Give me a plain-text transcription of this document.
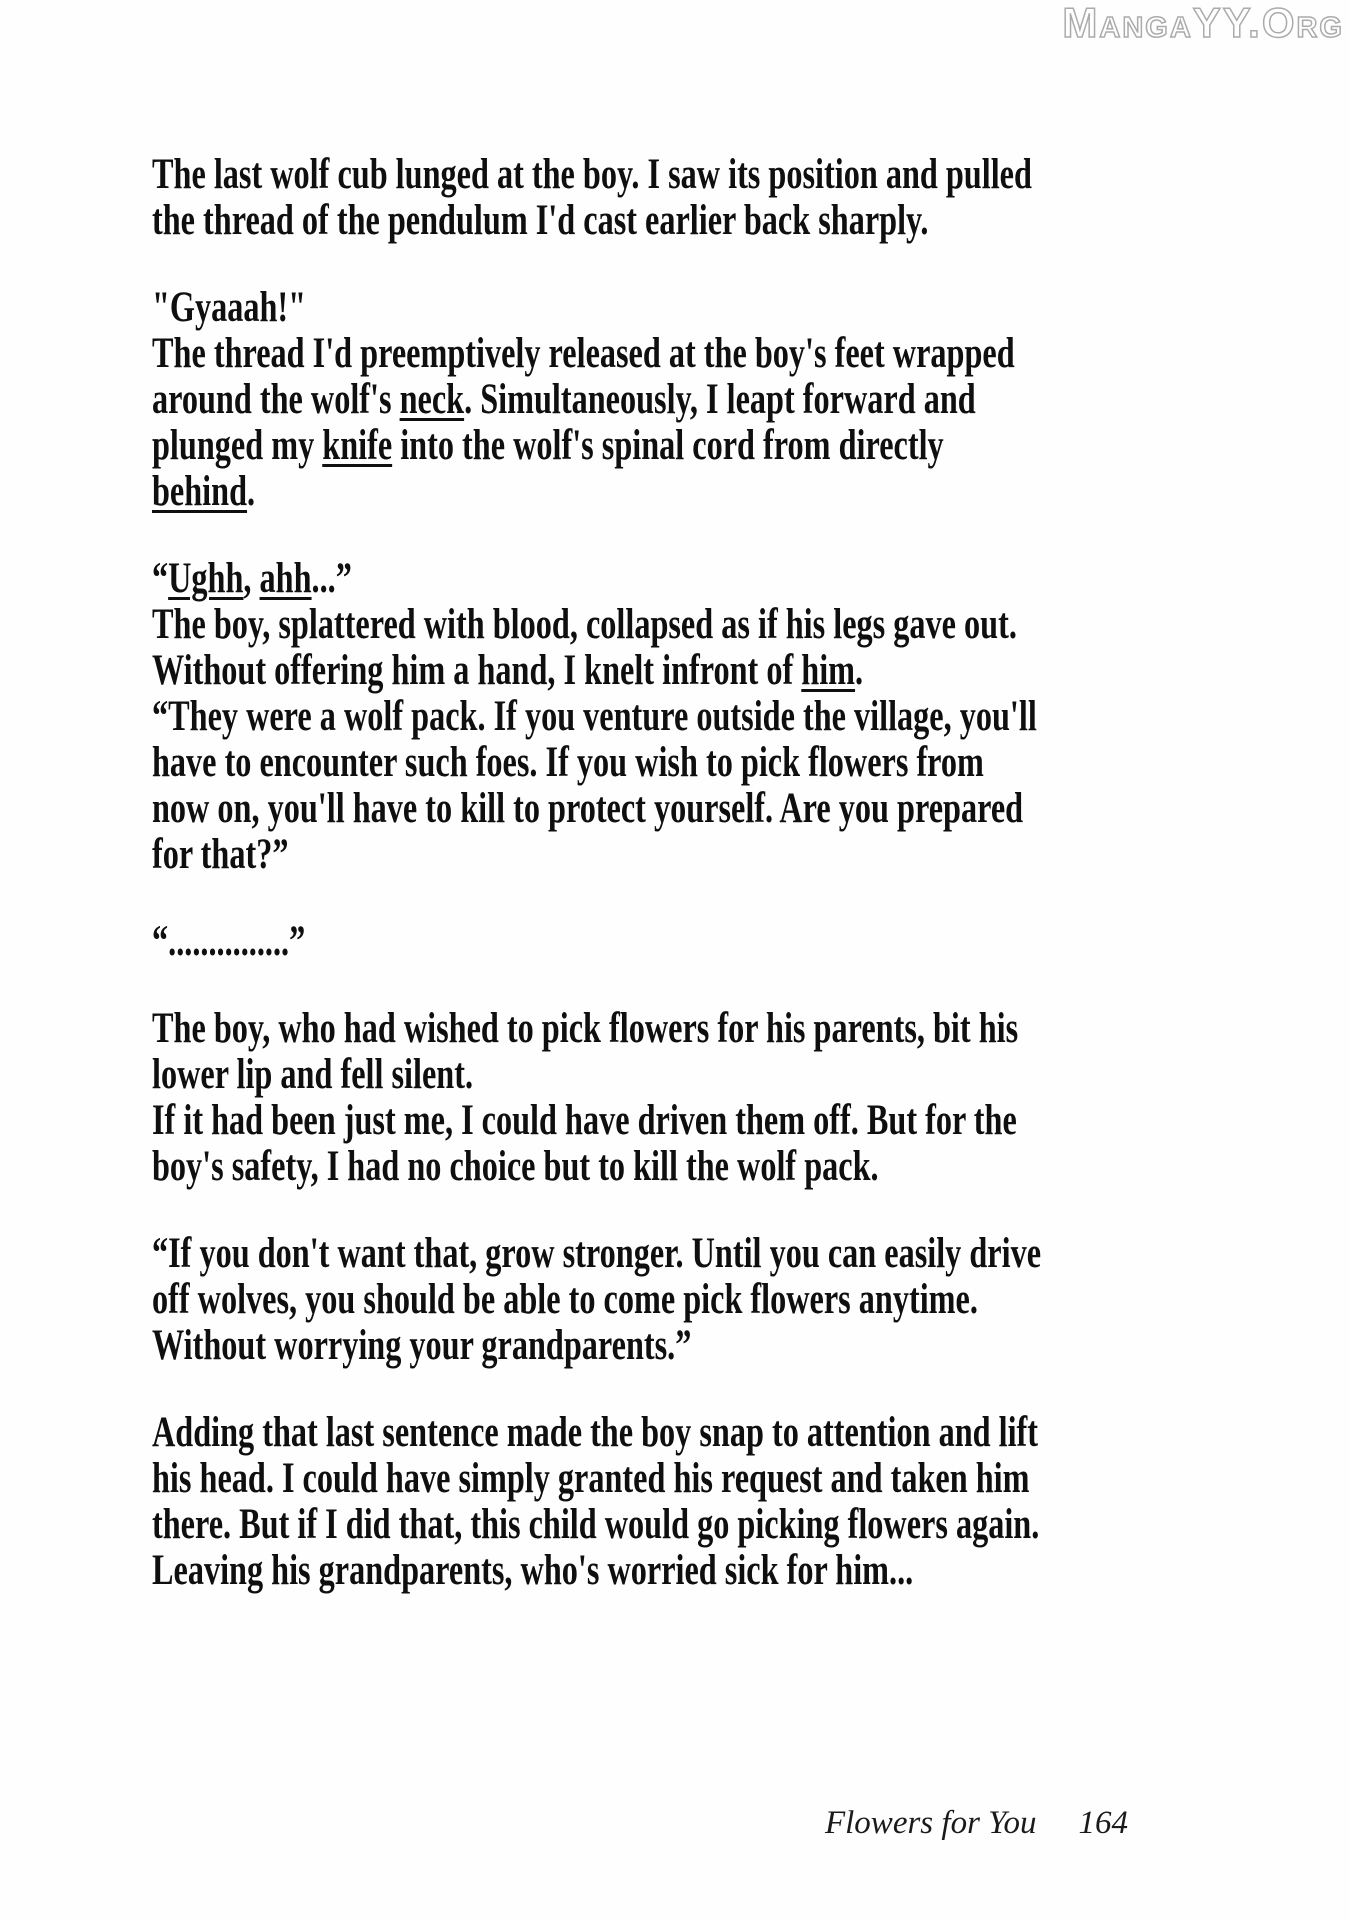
MangaYY.Org
The last wolf cub lunged at the boy. I saw its position and pulled
the thread of the pendulum I'd cast earlier back sharply.
"Gyaaah!"
The thread I'd preemptively released at the boy's feet wrapped
around the wolf's neck. Simultaneously, I leapt forward and
plunged my knife into the wolf's spinal cord from directly
behind.
“Ughh, ahh...”
The boy, splattered with blood, collapsed as if his legs gave out.
Without offering him a hand, I knelt infront of him.
“They were a wolf pack. If you venture outside the village, you'll
have to encounter such foes. If you wish to pick flowers from
now on, you'll have to kill to protect yourself. Are you prepared
for that?”
“...............”
The boy, who had wished to pick flowers for his parents, bit his
lower lip and fell silent.
If it had been just me, I could have driven them off. But for the
boy's safety, I had no choice but to kill the wolf pack.
“If you don't want that, grow stronger. Until you can easily drive
off wolves, you should be able to come pick flowers anytime.
Without worrying your grandparents.”
Adding that last sentence made the boy snap to attention and lift
his head. I could have simply granted his request and taken him
there. But if I did that, this child would go picking flowers again.
Leaving his grandparents, who's worried sick for him...
Flowers for You 164
